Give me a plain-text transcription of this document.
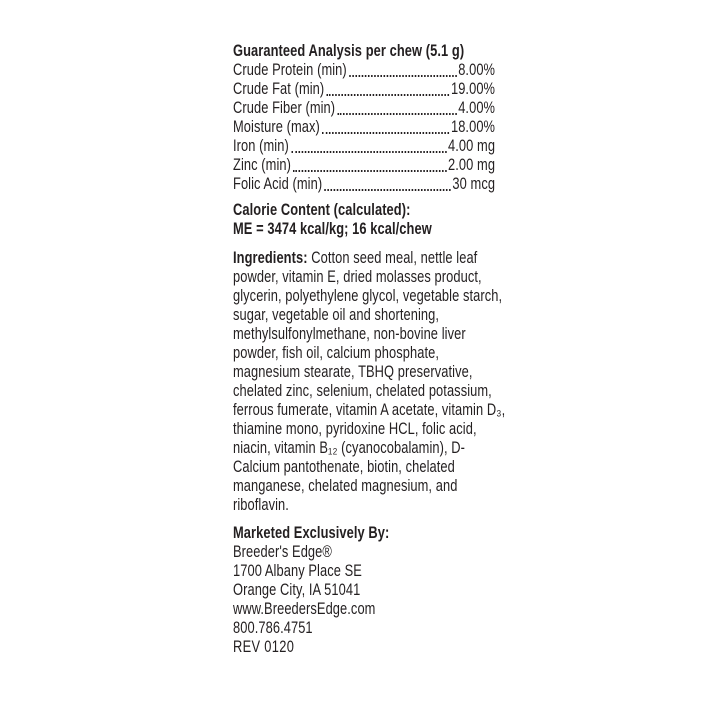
Guaranteed Analysis per chew (5.1 g)
Crude Protein (min)	8.00%
Crude Fat (min)	19.00%
Crude Fiber (min)	4.00%
Moisture (max)	18.00%
Iron (min)	4.00 mg
Zinc (min)	2.00 mg
Folic Acid (min)	30 mcg

Calorie Content (calculated):

ME = 3474 kcal/kg; 16 kcal/chew

Ingredients: Cotton seed meal, nettle leaf powder, vitamin E, dried molasses product, glycerin, polyethylene glycol, vegetable starch, sugar, vegetable oil and shortening, methylsulfonylmethane, non-bovine liver powder, fish oil, calcium phosphate, magnesium stearate, TBHQ preservative, chelated zinc, selenium, chelated potassium, ferrous fumerate, vitamin A acetate, vitamin D₃, thiamine mono, pyridoxine HCL, folic acid, niacin, vitamin B₁₂ (cyanocobalamin), D-Calcium pantothenate, biotin, chelated manganese, chelated magnesium, and riboflavin.

Marketed Exclusively By:

Breeder's Edge®

1700 Albany Place SE

Orange City, IA 51041

www.BreedersEdge.com

800.786.4751

REV 0120
